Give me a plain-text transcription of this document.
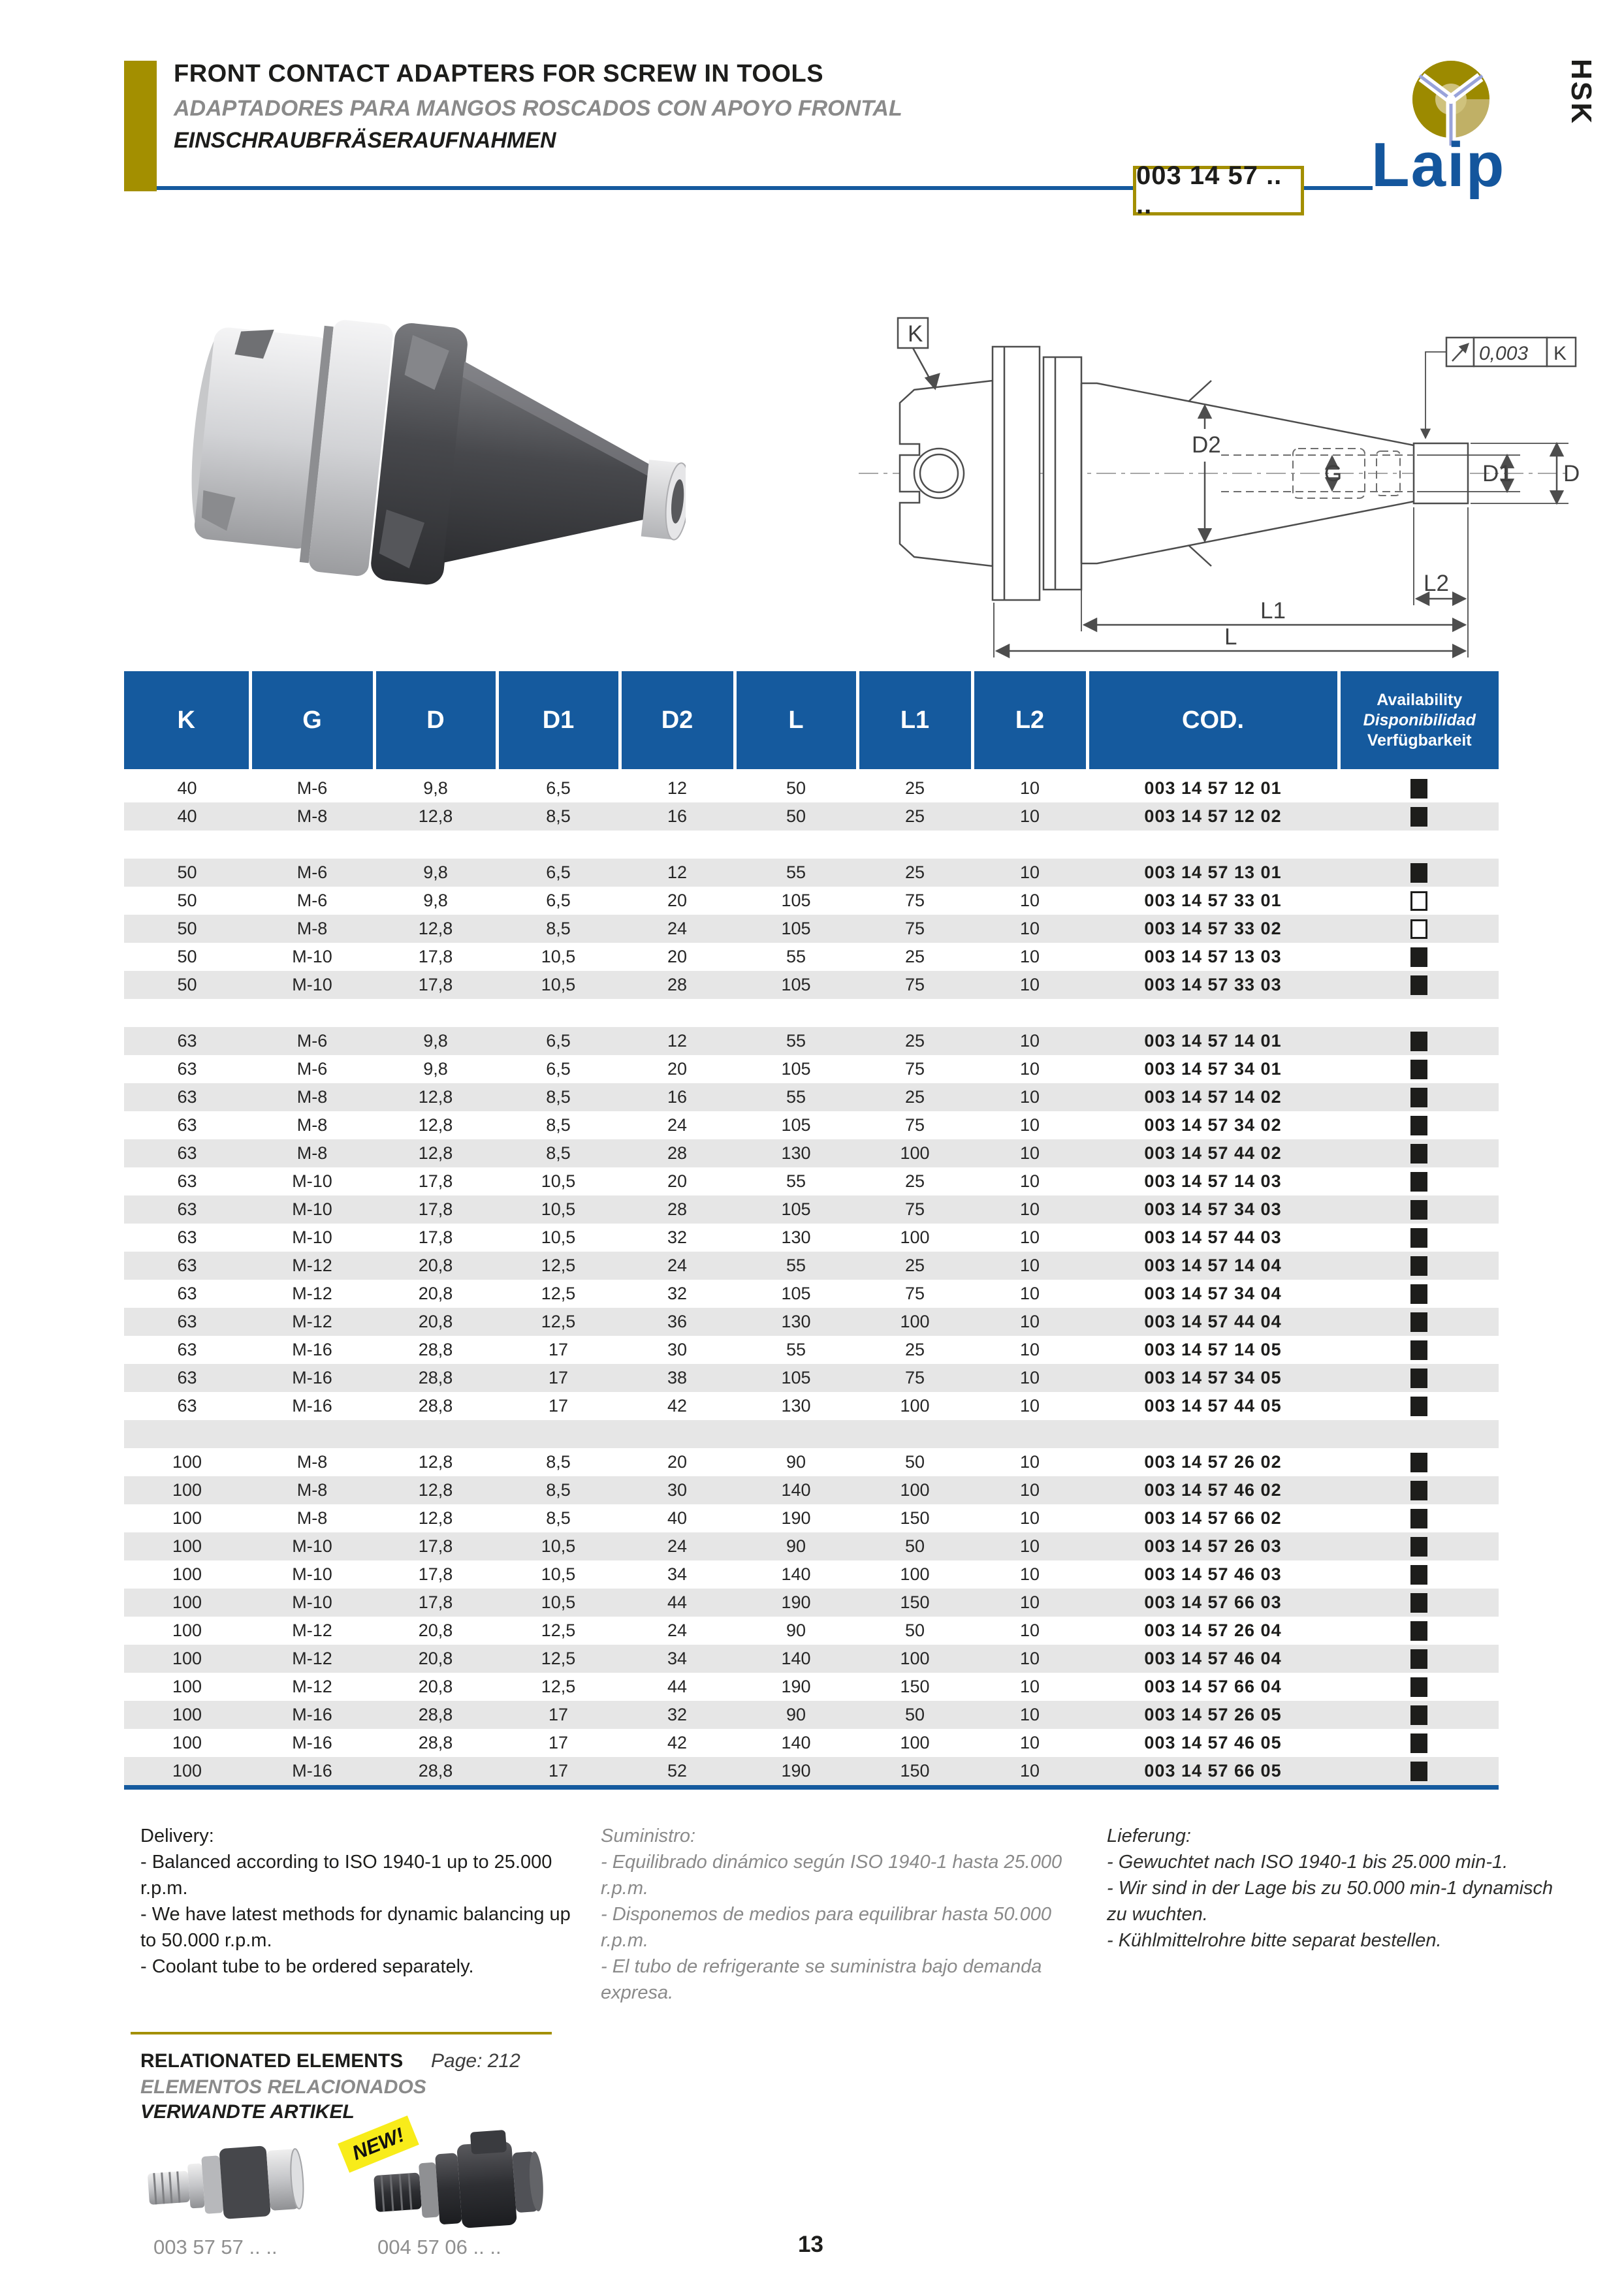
FRONT CONTACT ADAPTERS FOR SCREW IN TOOLS
ADAPTADORES PARA MANGOS ROSCADOS CON APOYO FRONTAL
EINSCHRAUBFRÄSERAUFNAHMEN
003 14 57 .. ..
Laip
HSK
K
D2
G	D1 D
L2
L1
L
0,003 K
K	G	D	D1	D2	L	L1	L2	COD.	Availability
Disponibilidad
Verfügbarkeit

40	M-6	9,8	6,5	12	50	25	10	003 14 57 12 01	
40	M-8	12,8	8,5	16	50	25	10	003 14 57 12 02	

50	M-6	9,8	6,5	12	55	25	10	003 14 57 13 01	
50	M-6	9,8	6,5	20	105	75	10	003 14 57 33 01	
50	M-8	12,8	8,5	24	105	75	10	003 14 57 33 02	
50	M-10	17,8	10,5	20	55	25	10	003 14 57 13 03	
50	M-10	17,8	10,5	28	105	75	10	003 14 57 33 03	

63	M-6	9,8	6,5	12	55	25	10	003 14 57 14 01	
63	M-6	9,8	6,5	20	105	75	10	003 14 57 34 01	
63	M-8	12,8	8,5	16	55	25	10	003 14 57 14 02	
63	M-8	12,8	8,5	24	105	75	10	003 14 57 34 02	
63	M-8	12,8	8,5	28	130	100	10	003 14 57 44 02	
63	M-10	17,8	10,5	20	55	25	10	003 14 57 14 03	
63	M-10	17,8	10,5	28	105	75	10	003 14 57 34 03	
63	M-10	17,8	10,5	32	130	100	10	003 14 57 44 03	
63	M-12	20,8	12,5	24	55	25	10	003 14 57 14 04	
63	M-12	20,8	12,5	32	105	75	10	003 14 57 34 04	
63	M-12	20,8	12,5	36	130	100	10	003 14 57 44 04	
63	M-16	28,8	17	30	55	25	10	003 14 57 14 05	
63	M-16	28,8	17	38	105	75	10	003 14 57 34 05	
63	M-16	28,8	17	42	130	100	10	003 14 57 44 05	

100	M-8	12,8	8,5	20	90	50	10	003 14 57 26 02	
100	M-8	12,8	8,5	30	140	100	10	003 14 57 46 02	
100	M-8	12,8	8,5	40	190	150	10	003 14 57 66 02	
100	M-10	17,8	10,5	24	90	50	10	003 14 57 26 03	
100	M-10	17,8	10,5	34	140	100	10	003 14 57 46 03	
100	M-10	17,8	10,5	44	190	150	10	003 14 57 66 03	
100	M-12	20,8	12,5	24	90	50	10	003 14 57 26 04	
100	M-12	20,8	12,5	34	140	100	10	003 14 57 46 04	
100	M-12	20,8	12,5	44	190	150	10	003 14 57 66 04	
100	M-16	28,8	17	32	90	50	10	003 14 57 26 05	
100	M-16	28,8	17	42	140	100	10	003 14 57 46 05	
100	M-16	28,8	17	52	190	150	10	003 14 57 66 05	
Delivery:
- Balanced according to ISO 1940-1 up to 25.000 r.p.m.
- We have latest methods for dynamic balancing up to 50.000 r.p.m.
- Coolant tube to be ordered separately.
Suministro:
- Equilibrado dinámico según ISO 1940-1 hasta 25.000 r.p.m.
- Disponemos de medios para equilibrar hasta 50.000 r.p.m.
- El tubo de refrigerante se suministra bajo demanda expresa.
Lieferung:
- Gewuchtet nach ISO 1940-1 bis 25.000 min-1.
- Wir sind in der Lage bis zu 50.000 min-1 dynamisch zu wuchten.
- Kühlmittelrohre bitte separat bestellen.
RELATIONATED ELEMENTS Page: 212
ELEMENTOS RELACIONADOS
VERWANDTE ARTIKEL
NEW!
003 57 57 .. ..	004 57 06 .. ..	13
